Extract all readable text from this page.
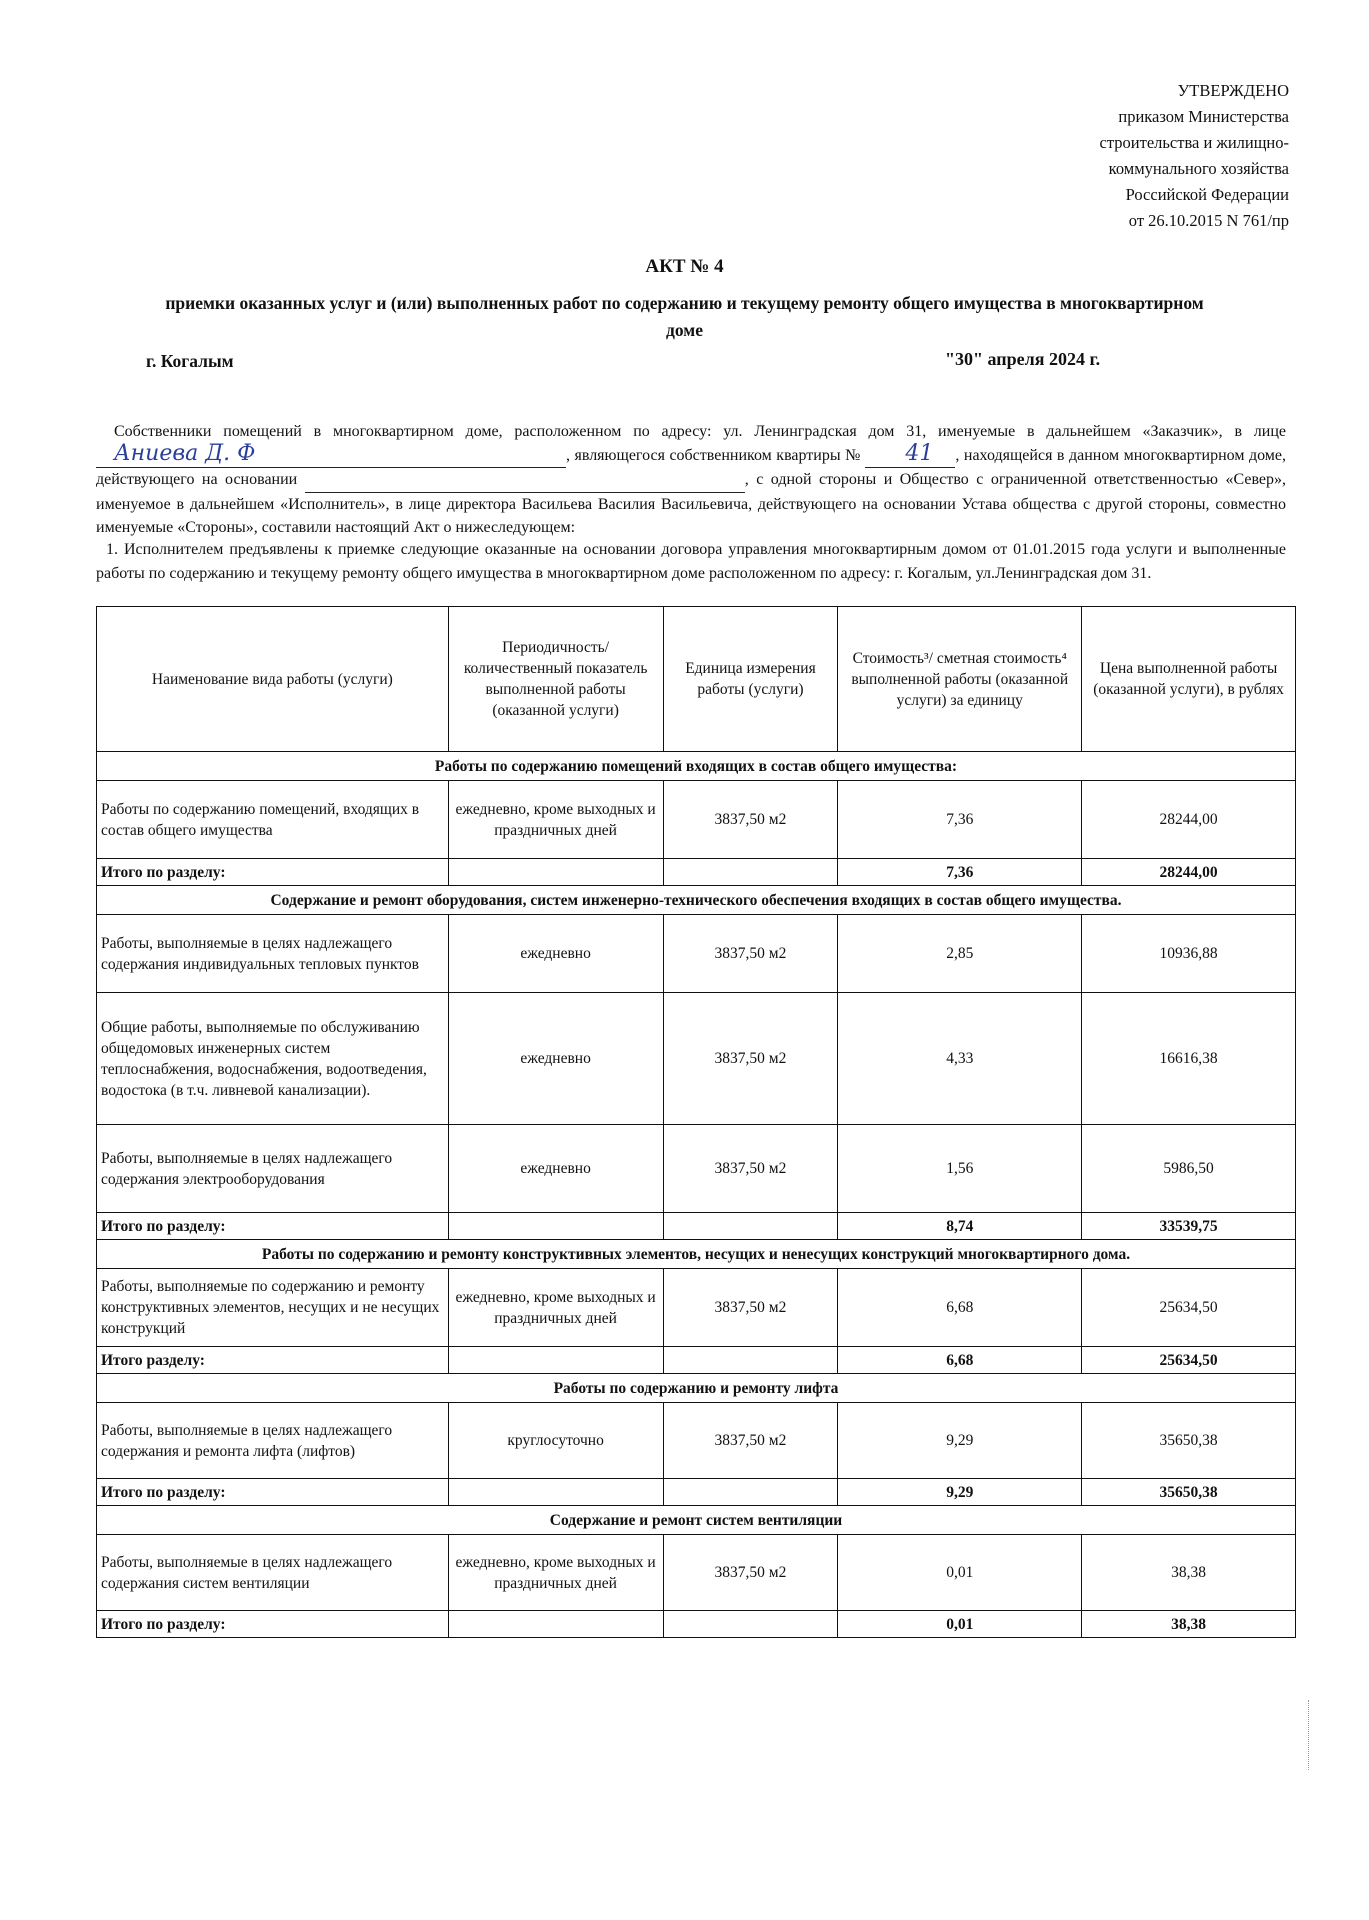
УТВЕРЖДЕНО
приказом Министерства
строительства и жилищно-
коммунального хозяйства
Российской Федерации
от 26.10.2015 N 761/пр
АКТ № 4
приемки оказанных услуг и (или) выполненных работ по содержанию и текущему ремонту общего имущества в многоквартирном доме
г. Когалым	"30" апреля 2024 г.
Собственники помещений в многоквартирном доме, расположенном по адресу: ул. Ленинградская дом 31, именуемые в дальнейшем «Заказчик», в лице Аниева Д. Ф	, являющегося собственником квартиры № 41 , находящейся в данном многоквартирном доме, действующего на основании	, с одной стороны и Общество с ограниченной ответственностью «Север», именуемое в дальнейшем «Исполнитель», в лице директора Васильева Василия Васильевича, действующего на основании Устава общества с другой стороны, совместно именуемые «Стороны», составили настоящий Акт о нижеследующем:
1. Исполнителем предъявлены к приемке следующие оказанные на основании договора управления многоквартирным домом от 01.01.2015 года услуги и выполненные работы по содержанию и текущему ремонту общего имущества в многоквартирном доме расположенном по адресу: г. Когалым, ул.Ленинградская дом 31.
Наименование вида работы (услуги)	Периодичность/ количественный показатель выполненной работы (оказанной услуги)	Единица измерения работы (услуги)	Стоимость³/ сметная стоимость⁴ выполненной работы (оказанной услуги) за единицу	Цена выполненной работы (оказанной услуги), в рублях
Работы по содержанию помещений входящих в состав общего имущества:				
Работы по содержанию помещений, входящих в состав общего имущества	ежедневно, кроме выходных и праздничных дней	3837,50 м2	7,36	28244,00
Итого по разделу:			7,36	28244,00
Содержание и ремонт оборудования, систем инженерно-технического обеспечения входящих в состав общего имущества.				
Работы, выполняемые в целях надлежащего содержания индивидуальных тепловых пунктов	ежедневно	3837,50 м2	2,85	10936,88
Общие работы, выполняемые по обслуживанию общедомовых инженерных систем теплоснабжения, водоснабжения, водоотведения, водостока (в т.ч. ливневой канализации).	ежедневно	3837,50 м2	4,33	16616,38
Работы, выполняемые в целях надлежащего содержания электрооборудования	ежедневно	3837,50 м2	1,56	5986,50
Итого по разделу:			8,74	33539,75
Работы по содержанию и ремонту конструктивных элементов, несущих и ненесущих конструкций многоквартирного дома.				
Работы, выполняемые по содержанию и ремонту конструктивных элементов, несущих и не несущих конструкций	ежедневно, кроме выходных и праздничных дней	3837,50 м2	6,68	25634,50
Итого разделу:			6,68	25634,50
Работы по содержанию и ремонту лифта				
Работы, выполняемые в целях надлежащего содержания и ремонта лифта (лифтов)	круглосуточно	3837,50 м2	9,29	35650,38
Итого по разделу:			9,29	35650,38
Содержание и ремонт систем вентиляции				
Работы, выполняемые в целях надлежащего содержания систем вентиляции	ежедневно, кроме выходных и праздничных дней	3837,50 м2	0,01	38,38
Итого по разделу:			0,01	38,38
